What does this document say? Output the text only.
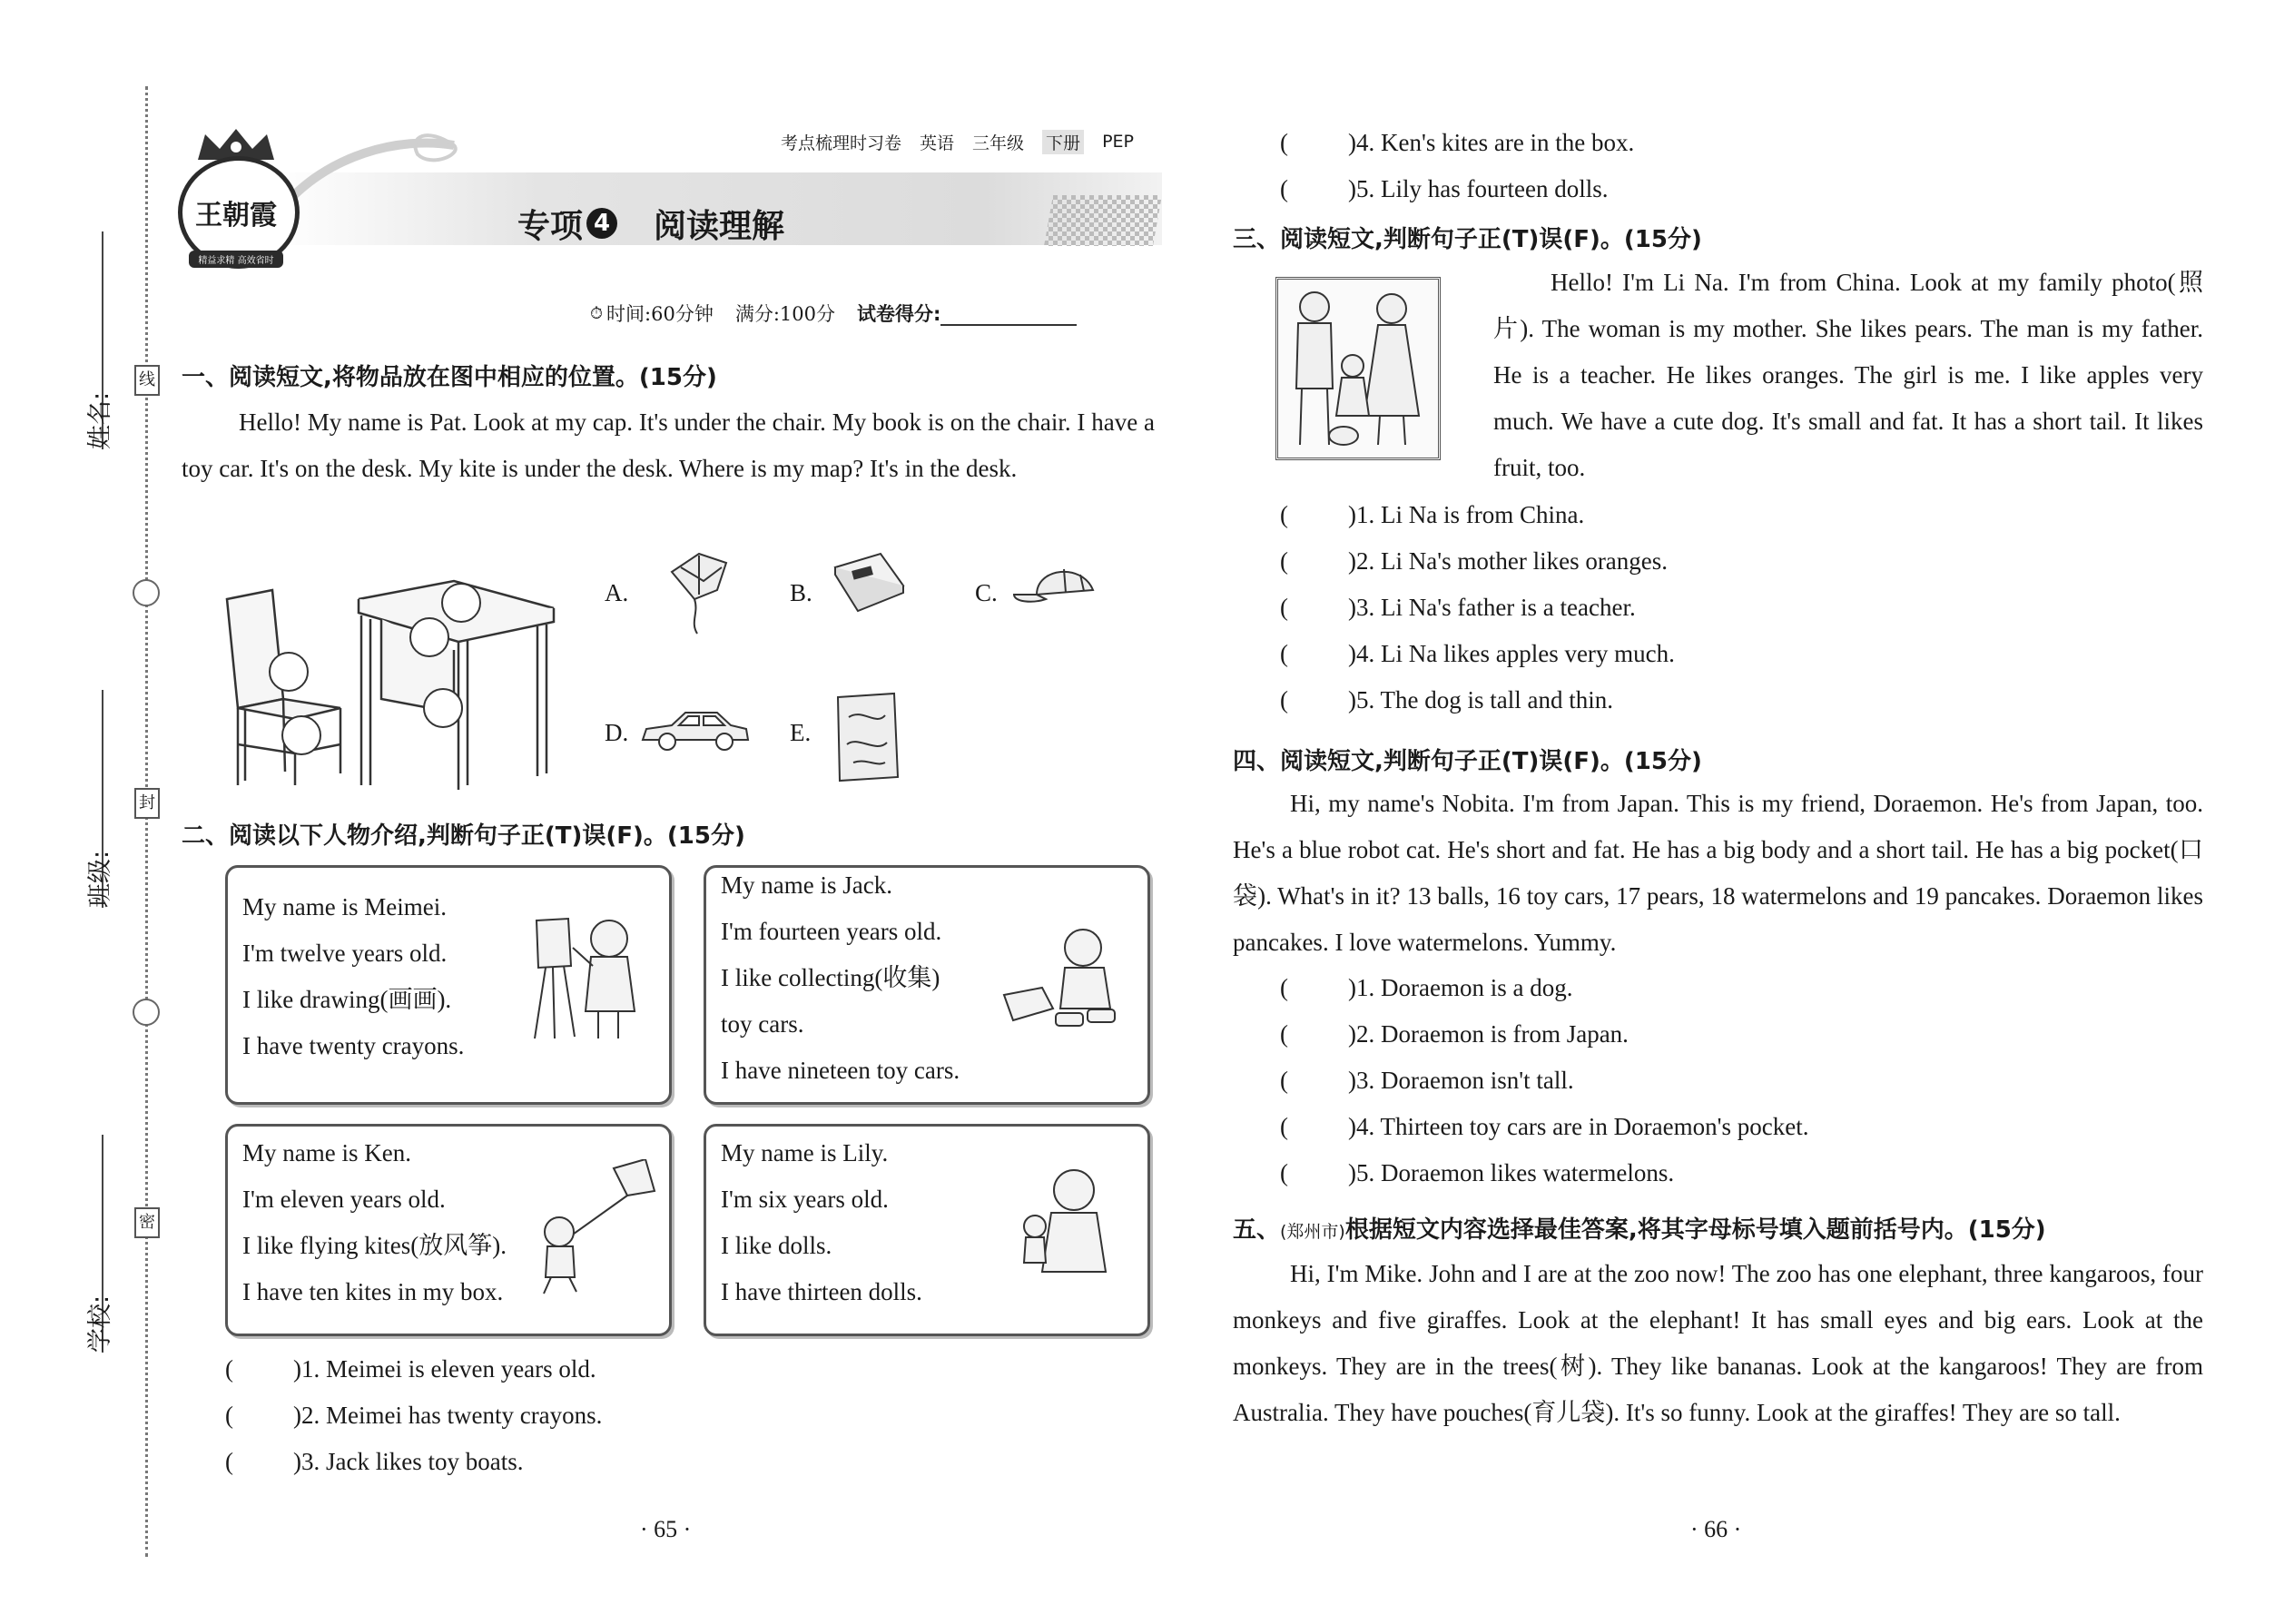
姓名:
班级:
学校:
线
封
密
王朝霞
精益求精 高效省时
考点梳理时习卷 英语 三年级 下册 PEP
专项 4 阅读理解
⏱ 时间:60分钟 满分:100分 试卷得分:
一、阅读短文,将物品放在图中相应的位置。(15分)
Hello! My name is Pat. Look at my cap. It's under the chair. My book is on the chair. I have a toy car. It's on the desk. My kite is under the desk. Where is my map? It's in the desk.
A.	B.	C.
D.	E.
二、阅读以下人物介绍,判断句子正(T)误(F)。(15分)

My name is Meimei.

I'm twelve years old.

I like drawing(画画).

I have twenty crayons.

My name is Jack.

I'm fourteen years old.

I like collecting(收集)

toy cars.

I have nineteen toy cars.

My name is Ken.

I'm eleven years old.

I like flying kites(放风筝).

I have ten kites in my box.

My name is Lily.

I'm six years old.

I like dolls.

I have thirteen dolls.

( )1. Meimei is eleven years old.
( )2. Meimei has twenty crayons.
( )3. Jack likes toy boats.
· 65 ·
( )4. Ken's kites are in the box.
( )5. Lily has fourteen dolls.
三、阅读短文,判断句子正(T)误(F)。(15分)
Hello! I'm Li Na. I'm from China. Look at my family photo(照片). The woman is my mother. She likes pears. The man is my father. He is a teacher. He likes oranges. The girl is me. I like apples very much. We have a cute dog. It's small and fat. It has a short tail. It likes fruit, too.
( )1. Li Na is from China.
( )2. Li Na's mother likes oranges.
( )3. Li Na's father is a teacher.
( )4. Li Na likes apples very much.
( )5. The dog is tall and thin.
四、阅读短文,判断句子正(T)误(F)。(15分)
Hi, my name's Nobita. I'm from Japan. This is my friend, Doraemon. He's from Japan, too. He's a blue robot cat. He's short and fat. He has a big body and a short tail. He has a big pocket(口袋). What's in it? 13 balls, 16 toy cars, 17 pears, 18 watermelons and 19 pancakes. Doraemon likes pancakes. I love watermelons. Yummy.
( )1. Doraemon is a dog.
( )2. Doraemon is from Japan.
( )3. Doraemon isn't tall.
( )4. Thirteen toy cars are in Doraemon's pocket.
( )5. Doraemon likes watermelons.
五、(郑州市)根据短文内容选择最佳答案,将其字母标号填入题前括号内。(15分)
Hi, I'm Mike. John and I are at the zoo now! The zoo has one elephant, three kangaroos, four monkeys and five giraffes. Look at the elephant! It has small eyes and big ears. Look at the monkeys. They are in the trees(树). They like bananas. Look at the kangaroos! They are from Australia. They have pouches(育儿袋). It's so funny. Look at the giraffes! They are so tall.
· 66 ·
